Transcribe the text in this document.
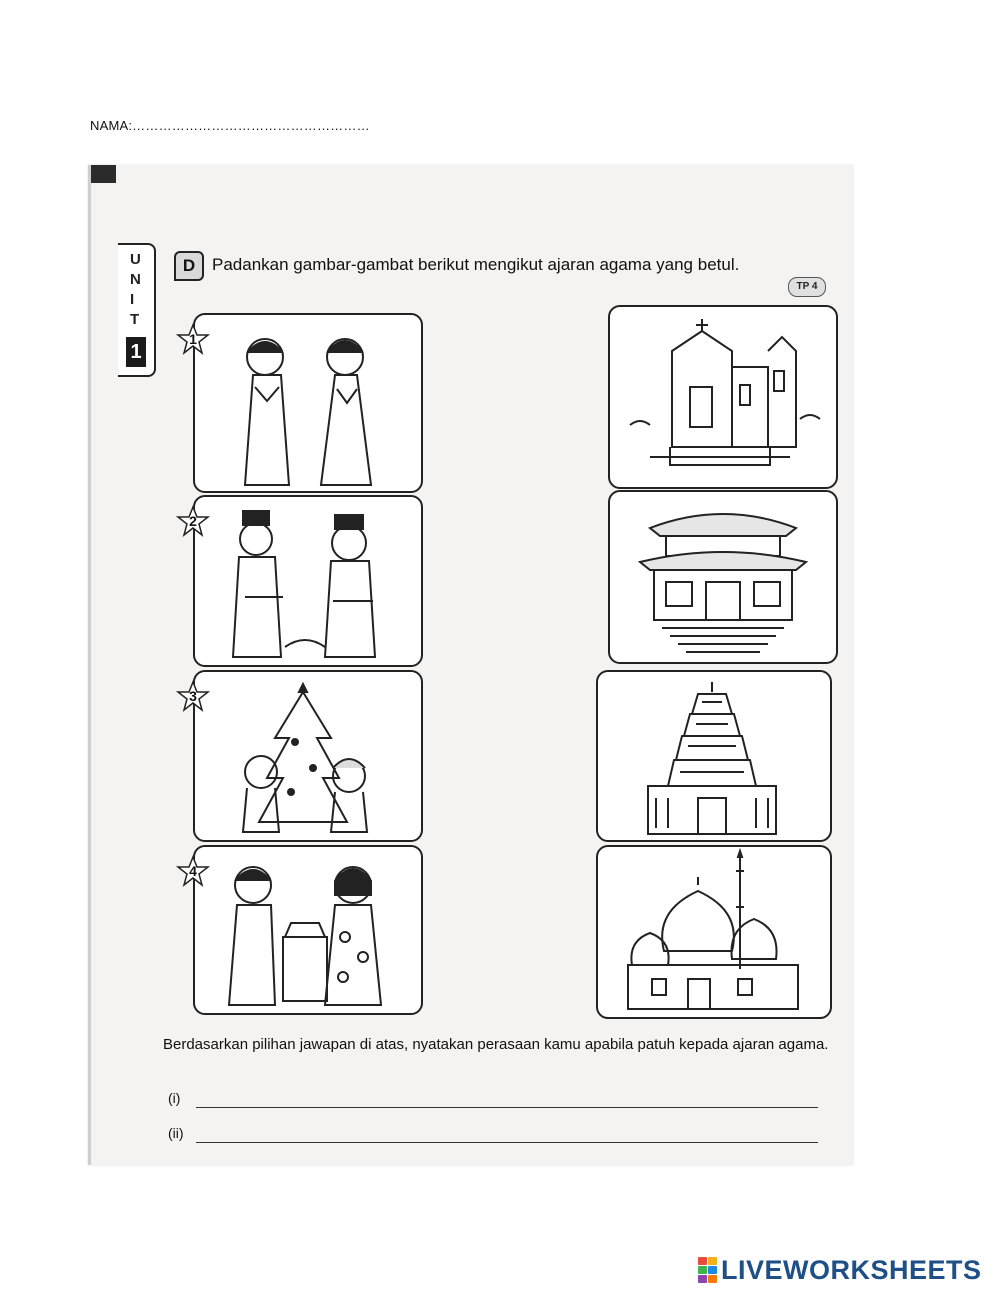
NAMA:………………………………………………
U
N
I
T
1
D Padankan gambar-gambat berikut mengikut ajaran agama yang betul.
TP 4
1
2
3
4
Berdasarkan pilihan jawapan di atas, nyatakan perasaan kamu apabila patuh kepada ajaran agama.
(i)
(ii)
LIVEWORKSHEETS
